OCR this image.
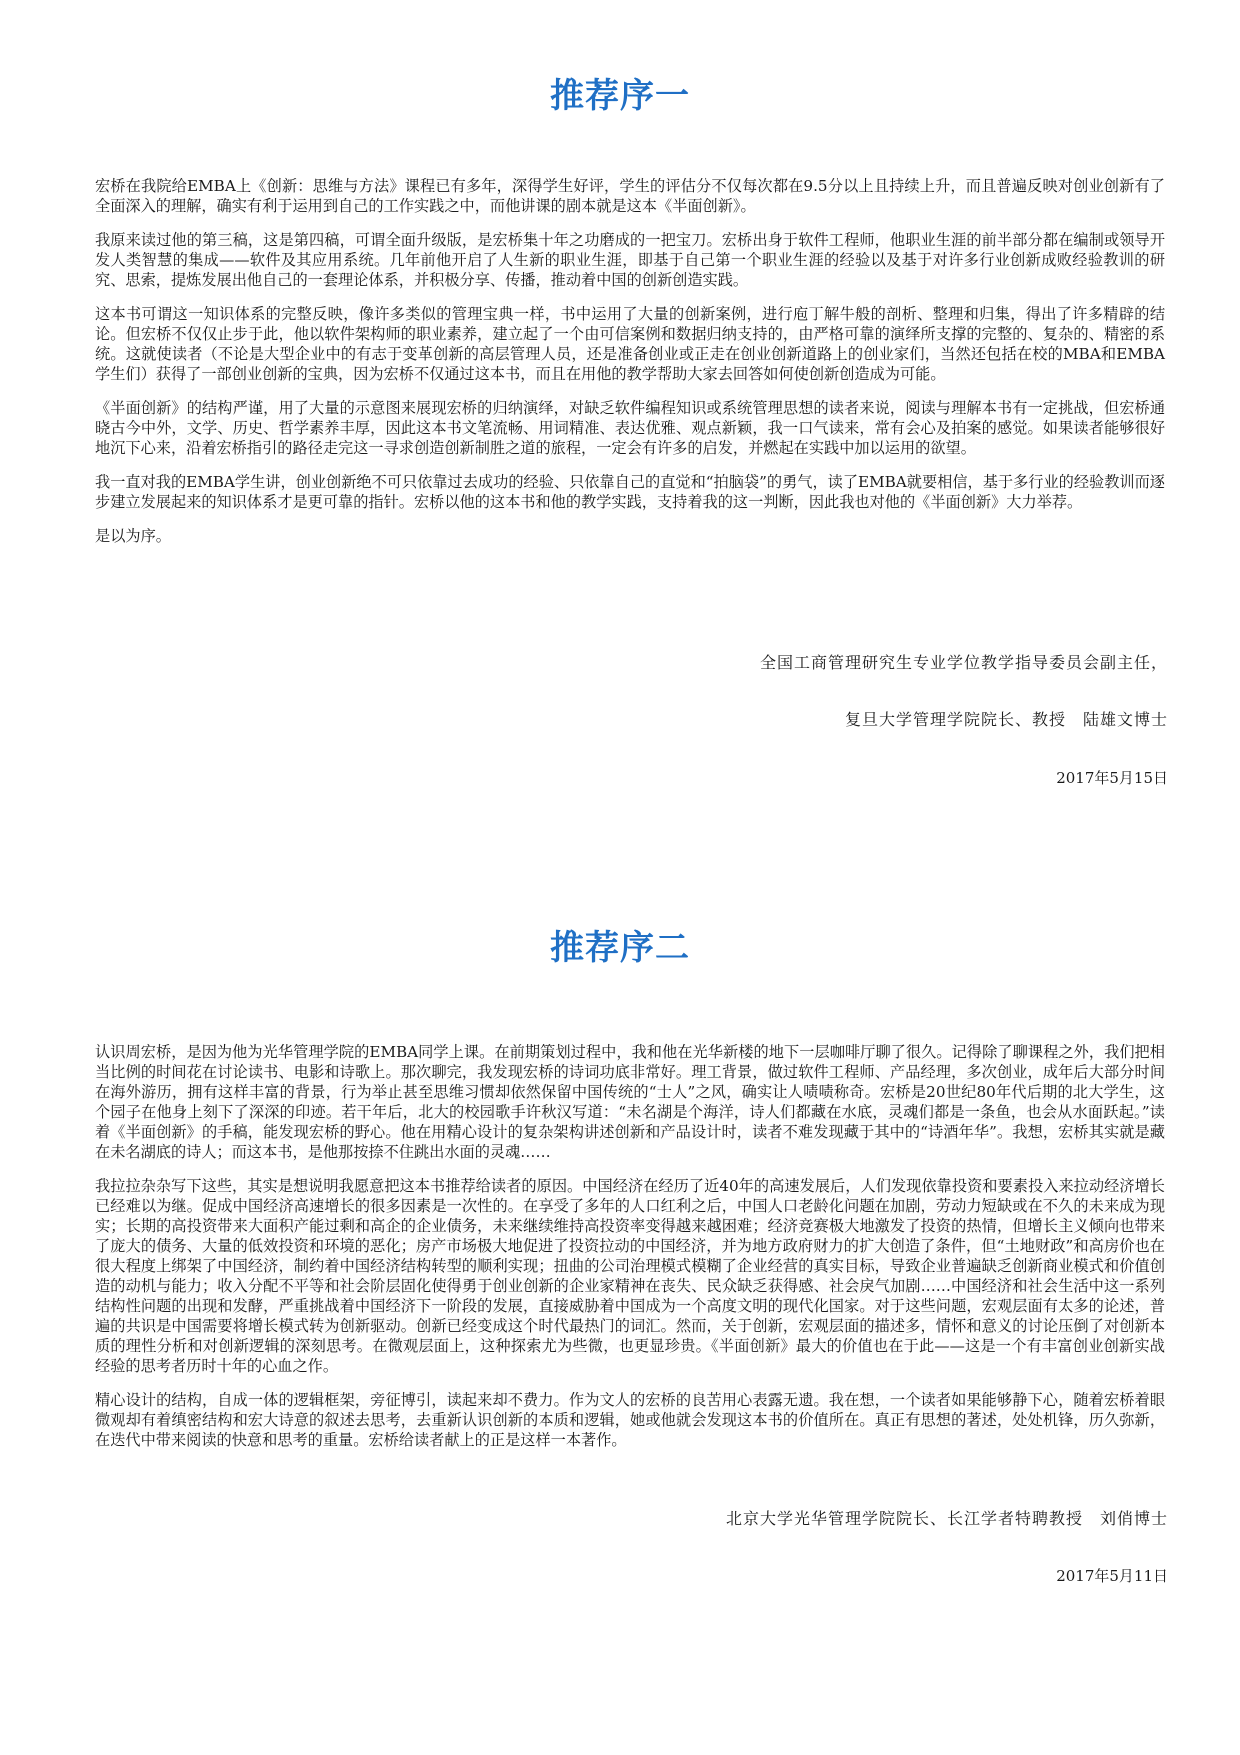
推荐序一

宏桥在我院给EMBA上《创新：思维与方法》课程已有多年，深得学生好评，学生的评估分不仅每次都在9.5分以上且持续上升，而且普遍反映对创业创新有了全面深入的理解，确实有利于运用到自己的工作实践之中，而他讲课的剧本就是这本《半面创新》。

我原来读过他的第三稿，这是第四稿，可谓全面升级版，是宏桥集十年之功磨成的一把宝刀。宏桥出身于软件工程师，他职业生涯的前半部分都在编制或领导开发人类智慧的集成——软件及其应用系统。几年前他开启了人生新的职业生涯，即基于自己第一个职业生涯的经验以及基于对许多行业创新成败经验教训的研究、思索，提炼发展出他自己的一套理论体系，并积极分享、传播，推动着中国的创新创造实践。

这本书可谓这一知识体系的完整反映，像许多类似的管理宝典一样，书中运用了大量的创新案例，进行庖丁解牛般的剖析、整理和归集，得出了许多精辟的结论。但宏桥不仅仅止步于此，他以软件架构师的职业素养，建立起了一个由可信案例和数据归纳支持的，由严格可靠的演绎所支撑的完整的、复杂的、精密的系统。这就使读者（不论是大型企业中的有志于变革创新的高层管理人员，还是准备创业或正走在创业创新道路上的创业家们，当然还包括在校的MBA和EMBA学生们）获得了一部创业创新的宝典，因为宏桥不仅通过这本书，而且在用他的教学帮助大家去回答如何使创新创造成为可能。

《半面创新》的结构严谨，用了大量的示意图来展现宏桥的归纳演绎，对缺乏软件编程知识或系统管理思想的读者来说，阅读与理解本书有一定挑战，但宏桥通晓古今中外，文学、历史、哲学素养丰厚，因此这本书文笔流畅、用词精准、表达优雅、观点新颖，我一口气读来，常有会心及拍案的感觉。如果读者能够很好地沉下心来，沿着宏桥指引的路径走完这一寻求创造创新制胜之道的旅程，一定会有许多的启发，并燃起在实践中加以运用的欲望。

我一直对我的EMBA学生讲，创业创新绝不可只依靠过去成功的经验、只依靠自己的直觉和“拍脑袋”的勇气，读了EMBA就要相信，基于多行业的经验教训而逐步建立发展起来的知识体系才是更可靠的指针。宏桥以他的这本书和他的教学实践，支持着我的这一判断，因此我也对他的《半面创新》大力举荐。

是以为序。

全国工商管理研究生专业学位教学指导委员会副主任，
复旦大学管理学院院长、教授　陆雄文博士
2017年5月15日
推荐序二

认识周宏桥，是因为他为光华管理学院的EMBA同学上课。在前期策划过程中，我和他在光华新楼的地下一层咖啡厅聊了很久。记得除了聊课程之外，我们把相当比例的时间花在讨论读书、电影和诗歌上。那次聊完，我发现宏桥的诗词功底非常好。理工背景，做过软件工程师、产品经理，多次创业，成年后大部分时间在海外游历，拥有这样丰富的背景，行为举止甚至思维习惯却依然保留中国传统的“士人”之风，确实让人啧啧称奇。宏桥是20世纪80年代后期的北大学生，这个园子在他身上刻下了深深的印迹。若干年后，北大的校园歌手许秋汉写道：“未名湖是个海洋，诗人们都藏在水底，灵魂们都是一条鱼，也会从水面跃起。”读着《半面创新》的手稿，能发现宏桥的野心。他在用精心设计的复杂架构讲述创新和产品设计时，读者不难发现藏于其中的“诗酒年华”。我想，宏桥其实就是藏在未名湖底的诗人；而这本书，是他那按捺不住跳出水面的灵魂……

我拉拉杂杂写下这些，其实是想说明我愿意把这本书推荐给读者的原因。中国经济在经历了近40年的高速发展后，人们发现依靠投资和要素投入来拉动经济增长已经难以为继。促成中国经济高速增长的很多因素是一次性的。在享受了多年的人口红利之后，中国人口老龄化问题在加剧，劳动力短缺或在不久的未来成为现实；长期的高投资带来大面积产能过剩和高企的企业债务，未来继续维持高投资率变得越来越困难；经济竞赛极大地激发了投资的热情，但增长主义倾向也带来了庞大的债务、大量的低效投资和环境的恶化；房产市场极大地促进了投资拉动的中国经济，并为地方政府财力的扩大创造了条件，但“土地财政”和高房价也在很大程度上绑架了中国经济，制约着中国经济结构转型的顺利实现；扭曲的公司治理模式模糊了企业经营的真实目标，导致企业普遍缺乏创新商业模式和价值创造的动机与能力；收入分配不平等和社会阶层固化使得勇于创业创新的企业家精神在丧失、民众缺乏获得感、社会戾气加剧……中国经济和社会生活中这一系列结构性问题的出现和发酵，严重挑战着中国经济下一阶段的发展，直接威胁着中国成为一个高度文明的现代化国家。对于这些问题，宏观层面有太多的论述，普遍的共识是中国需要将增长模式转为创新驱动。创新已经变成这个时代最热门的词汇。然而，关于创新，宏观层面的描述多，情怀和意义的讨论压倒了对创新本质的理性分析和对创新逻辑的深刻思考。在微观层面上，这种探索尤为些微，也更显珍贵。《半面创新》最大的价值也在于此——这是一个有丰富创业创新实战经验的思考者历时十年的心血之作。

精心设计的结构，自成一体的逻辑框架，旁征博引，读起来却不费力。作为文人的宏桥的良苦用心表露无遗。我在想，一个读者如果能够静下心，随着宏桥着眼微观却有着缜密结构和宏大诗意的叙述去思考，去重新认识创新的本质和逻辑，她或他就会发现这本书的价值所在。真正有思想的著述，处处机锋，历久弥新，在迭代中带来阅读的快意和思考的重量。宏桥给读者献上的正是这样一本著作。

北京大学光华管理学院院长、长江学者特聘教授　刘俏博士
2017年5月11日
